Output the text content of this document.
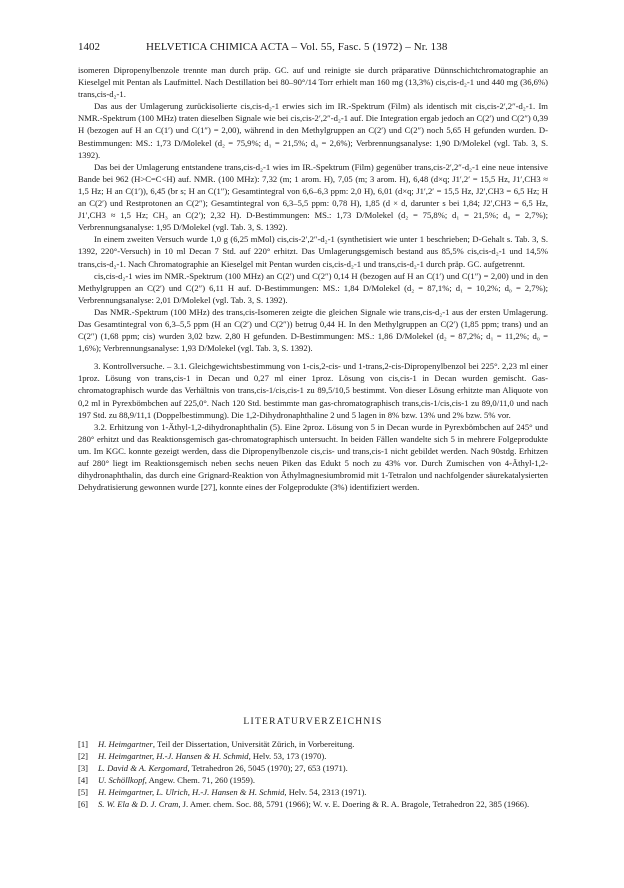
1402	HELVETICA CHIMICA ACTA – Vol. 55, Fasc. 5 (1972) – Nr. 138

isomeren Dipropenylbenzole trennte man durch präp. GC. auf und reinigte sie durch präparative Dünnschichtchromatographie an Kieselgel mit Pentan als Laufmittel. Nach Destillation bei 80–90°/14 Torr erhielt man 160 mg (13,3%) cis,cis-d₂-1 und 440 mg (36,6%) trans,cis-d₂-1.

Das aus der Umlagerung zurückisolierte cis,cis-d₂-1 erwies sich im IR.-Spektrum (Film) als identisch mit cis,cis-2′,2″-d₂-1. Im NMR.-Spektrum (100 MHz) traten dieselben Signale wie bei cis,cis-2′,2″-d₂-1 auf. Die Integration ergab jedoch an C(2′) und C(2″) 0,39 H (bezogen auf H an C(1′) und C(1″) = 2,00), während in den Methylgruppen an C(2′) und C(2″) noch 5,65 H gefunden wurden. D-Bestimmungen: MS.: 1,73 D/Molekel (d₂ = 75,9%; d₁ = 21,5%; d₀ = 2,6%); Verbrennungsanalyse: 1,90 D/Molekel (vgl. Tab. 3, S. 1392).

Das bei der Umlagerung entstandene trans,cis-d₂-1 wies im IR.-Spektrum (Film) gegenüber trans,cis-2′,2″-d₂-1 eine neue intensive Bande bei 962 (H>C=C<H) auf. NMR. (100 MHz): 7,32 (m; 1 arom. H), 7,05 (m; 3 arom. H), 6,48 (d×q; J1′,2′ = 15,5 Hz, J1′,CH3 ≈ 1,5 Hz; H an C(1′)), 6,45 (br s; H an C(1″); Gesamtintegral von 6,6–6,3 ppm: 2,0 H), 6,01 (d×q; J1′,2′ = 15,5 Hz, J2′,CH3 = 6,5 Hz; H an C(2′) und Restprotonen an C(2″); Gesamtintegral von 6,3–5,5 ppm: 0,78 H), 1,85 (d × d, darunter s bei 1,84; J2′,CH3 = 6,5 Hz, J1′,CH3 ≈ 1,5 Hz; CH₃ an C(2′); 2,32 H). D-Bestimmungen: MS.: 1,73 D/Molekel (d₂ = 75,8%; d₁ = 21,5%; d₀ = 2,7%); Verbrennungsanalyse: 1,95 D/Molekel (vgl. Tab. 3, S. 1392).

In einem zweiten Versuch wurde 1,0 g (6,25 mMol) cis,cis-2′,2″-d₂-1 (synthetisiert wie unter 1 beschrieben; D-Gehalt s. Tab. 3, S. 1392, 220°-Versuch) in 10 ml Decan 7 Std. auf 220° erhitzt. Das Umlagerungsgemisch bestand aus 85,5% cis,cis-d₂-1 und 14,5% trans,cis-d₂-1. Nach Chromatographie an Kieselgel mit Pentan wurden cis,cis-d₂-1 und trans,cis-d₂-1 durch präp. GC. aufgetrennt.

cis,cis-d₂-1 wies im NMR.-Spektrum (100 MHz) an C(2′) und C(2″) 0,14 H (bezogen auf H an C(1′) und C(1″) = 2,00) und in den Methylgruppen an C(2′) und C(2″) 6,11 H auf. D-Bestimmungen: MS.: 1,84 D/Molekel (d₂ = 87,1%; d₁ = 10,2%; d₀ = 2,7%); Verbrennungsanalyse: 2,01 D/Molekel (vgl. Tab. 3, S. 1392).

Das NMR.-Spektrum (100 MHz) des trans,cis-Isomeren zeigte die gleichen Signale wie trans,cis-d₂-1 aus der ersten Umlagerung. Das Gesamtintegral von 6,3–5,5 ppm (H an C(2′) und C(2″)) betrug 0,44 H. In den Methylgruppen an C(2′) (1,85 ppm; trans) und an C(2″) (1,68 ppm; cis) wurden 3,02 bzw. 2,80 H gefunden. D-Bestimmungen: MS.: 1,86 D/Molekel (d₂ = 87,2%; d₁ = 11,2%; d₀ = 1,6%); Verbrennungsanalyse: 1,93 D/Molekel (vgl. Tab. 3, S. 1392).

3. Kontrollversuche. – 3.1. Gleichgewichtsbestimmung von 1-cis,2-cis- und 1-trans,2-cis-Dipropenylbenzol bei 225°. 2,23 ml einer 1proz. Lösung von trans,cis-1 in Decan und 0,27 ml einer 1proz. Lösung von cis,cis-1 in Decan wurden gemischt. Gas-chromatographisch wurde das Verhältnis von trans,cis-1/cis,cis-1 zu 89,5/10,5 bestimmt. Von dieser Lösung erhitzte man Aliquote von 0,2 ml in Pyrexbömbchen auf 225,0°. Nach 120 Std. bestimmte man gas-chromatographisch trans,cis-1/cis,cis-1 zu 89,0/11,0 und nach 197 Std. zu 88,9/11,1 (Doppelbestimmung). Die 1,2-Dihydronaphthaline 2 und 5 lagen in 8% bzw. 13% und 2% bzw. 5% vor.

3.2. Erhitzung von 1-Äthyl-1,2-dihydronaphthalin (5). Eine 2proz. Lösung von 5 in Decan wurde in Pyrexbömbchen auf 245° und 280° erhitzt und das Reaktionsgemisch gas-chromatographisch untersucht. In beiden Fällen wandelte sich 5 in mehrere Folgeprodukte um. Im KGC. konnte gezeigt werden, dass die Dipropenylbenzole cis,cis- und trans,cis-1 nicht gebildet werden. Nach 90stdg. Erhitzen auf 280° liegt im Reaktionsgemisch neben sechs neuen Piken das Edukt 5 noch zu 43% vor. Durch Zumischen von 4-Äthyl-1,2-dihydronaphthalin, das durch eine Grignard-Reaktion von Äthylmagnesiumbromid mit 1-Tetralon und nachfolgender säurekatalysierten Dehydratisierung gewonnen wurde [27], konnte eines der Folgeprodukte (3%) identifiziert werden.

LITERATURVERZEICHNIS
[1] H. Heimgartner, Teil der Dissertation, Universität Zürich, in Vorbereitung.
[2] H. Heimgartner, H.-J. Hansen & H. Schmid, Helv. 53, 173 (1970).
[3] L. David & A. Kergomard, Tetrahedron 26, 5045 (1970); 27, 653 (1971).
[4] U. Schöllkopf, Angew. Chem. 71, 260 (1959).
[5] H. Heimgartner, L. Ulrich, H.-J. Hansen & H. Schmid, Helv. 54, 2313 (1971).
[6] S. W. Ela & D. J. Cram, J. Amer. chem. Soc. 88, 5791 (1966); W. v. E. Doering & R. A. Bragole, Tetrahedron 22, 385 (1966).
